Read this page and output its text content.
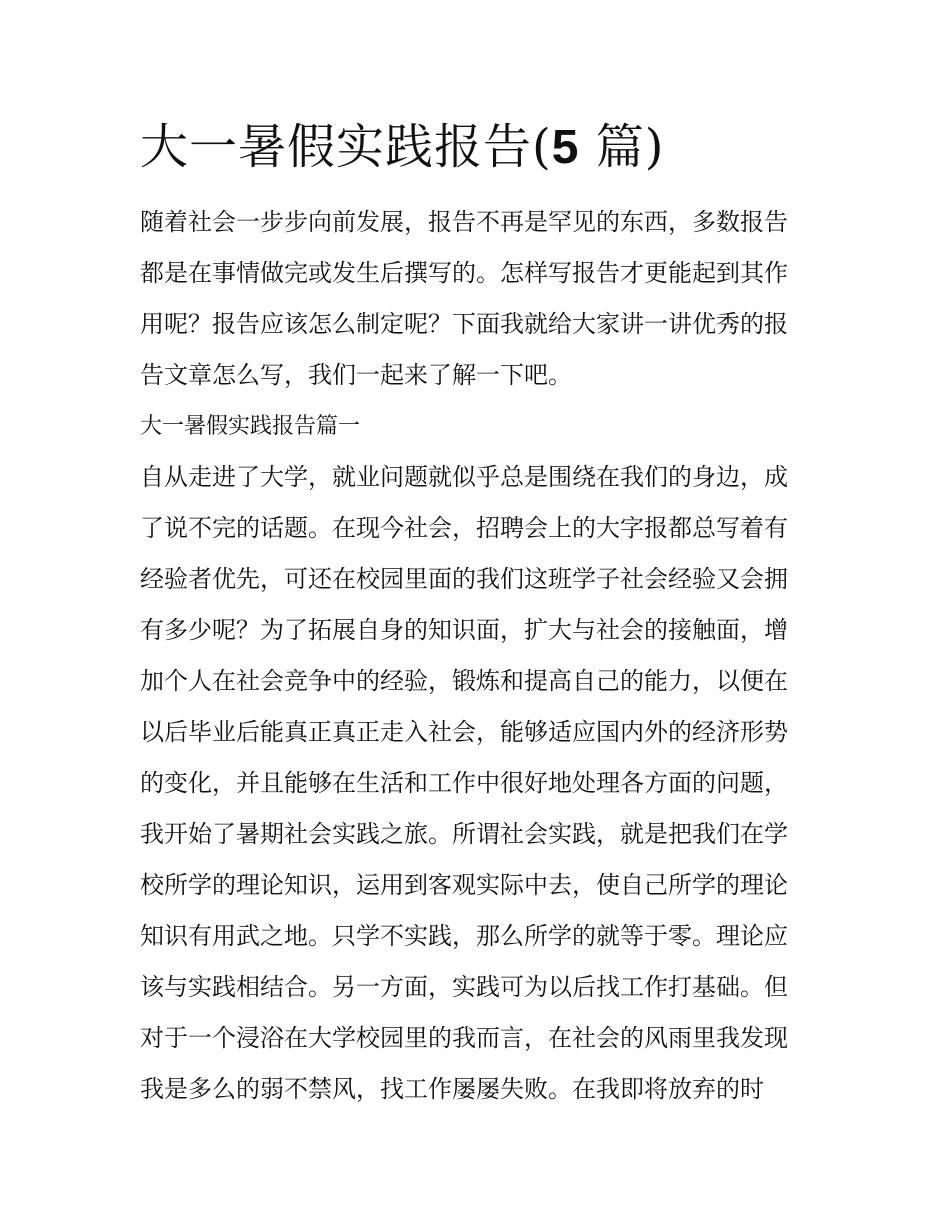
大一暑假实践报告(5 篇)
随着社会一步步向前发展，报告不再是罕见的东西，多数报告
都是在事情做完或发生后撰写的。怎样写报告才更能起到其作
用呢？报告应该怎么制定呢？下面我就给大家讲一讲优秀的报
告文章怎么写，我们一起来了解一下吧。
大一暑假实践报告篇一
自从走进了大学，就业问题就似乎总是围绕在我们的身边，成
了说不完的话题。在现今社会，招聘会上的大字报都总写着有
经验者优先，可还在校园里面的我们这班学子社会经验又会拥
有多少呢？为了拓展自身的知识面，扩大与社会的接触面，增
加个人在社会竞争中的经验，锻炼和提高自己的能力，以便在
以后毕业后能真正真正走入社会，能够适应国内外的经济形势
的变化，并且能够在生活和工作中很好地处理各方面的问题，
我开始了暑期社会实践之旅。所谓社会实践，就是把我们在学
校所学的理论知识，运用到客观实际中去，使自己所学的理论
知识有用武之地。只学不实践，那么所学的就等于零。理论应
该与实践相结合。另一方面，实践可为以后找工作打基础。但
对于一个浸浴在大学校园里的我而言，在社会的风雨里我发现
我是多么的弱不禁风，找工作屡屡失败。在我即将放弃的时
